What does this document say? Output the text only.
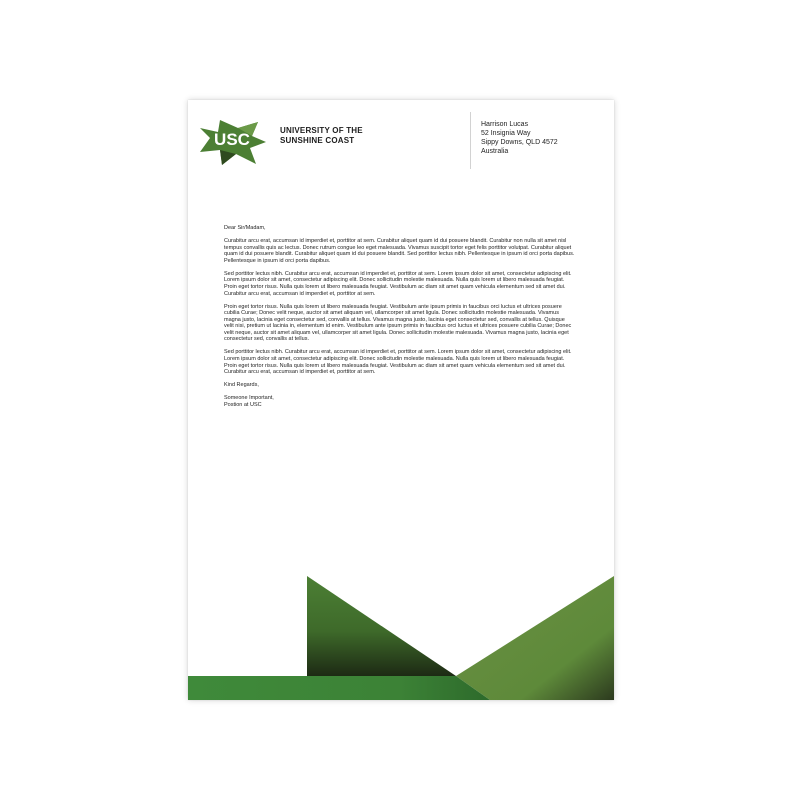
USC	UNIVERSITY OF THE
SUNSHINE COAST
Harrison Lucas
52 Insignia Way
Sippy Downs, QLD 4572
Australia

Dear Sir/Madam,

Curabitur arcu erat, accumsan id imperdiet et, porttitor at sem. Curabitur aliquet quam id dui posuere blandit. Curabitur non nulla sit amet nisl tempus convallis quis ac lectus. Donec rutrum congue leo eget malesuada. Vivamus suscipit tortor eget felis porttitor volutpat. Curabitur aliquet quam id dui posuere blandit. Curabitur aliquet quam id dui posuere blandit. Sed porttitor lectus nibh. Pellentesque in ipsum id orci porta dapibus. Pellentesque in ipsum id orci porta dapibus.

Sed porttitor lectus nibh. Curabitur arcu erat, accumsan id imperdiet et, porttitor at sem. Lorem ipsum dolor sit amet, consectetur adipiscing elit. Lorem ipsum dolor sit amet, consectetur adipiscing elit. Donec sollicitudin molestie malesuada. Nulla quis lorem ut libero malesuada feugiat. Proin eget tortor risus. Nulla quis lorem ut libero malesuada feugiat. Vestibulum ac diam sit amet quam vehicula elementum sed sit amet dui. Curabitur arcu erat, accumsan id imperdiet et, porttitor at sem.

Proin eget tortor risus. Nulla quis lorem ut libero malesuada feugiat. Vestibulum ante ipsum primis in faucibus orci luctus et ultrices posuere cubilia Curae; Donec velit neque, auctor sit amet aliquam vel, ullamcorper sit amet ligula. Donec sollicitudin molestie malesuada. Vivamus magna justo, lacinia eget consectetur sed, convallis at tellus. Vivamus magna justo, lacinia eget consectetur sed, convallis at tellus. Quisque velit nisi, pretium ut lacinia in, elementum id enim. Vestibulum ante ipsum primis in faucibus orci luctus et ultrices posuere cubilia Curae; Donec velit neque, auctor sit amet aliquam vel, ullamcorper sit amet ligula. Donec sollicitudin molestie malesuada. Vivamus magna justo, lacinia eget consectetur sed, convallis at tellus.

Sed porttitor lectus nibh. Curabitur arcu erat, accumsan id imperdiet et, porttitor at sem. Lorem ipsum dolor sit amet, consectetur adipiscing elit. Lorem ipsum dolor sit amet, consectetur adipiscing elit. Donec sollicitudin molestie malesuada. Nulla quis lorem ut libero malesuada feugiat. Proin eget tortor risus. Nulla quis lorem ut libero malesuada feugiat. Vestibulum ac diam sit amet quam vehicula elementum sed sit amet dui. Curabitur arcu erat, accumsan id imperdiet et, porttitor at sem.

Kind Regards,

Someone Important,
Postion at USC
